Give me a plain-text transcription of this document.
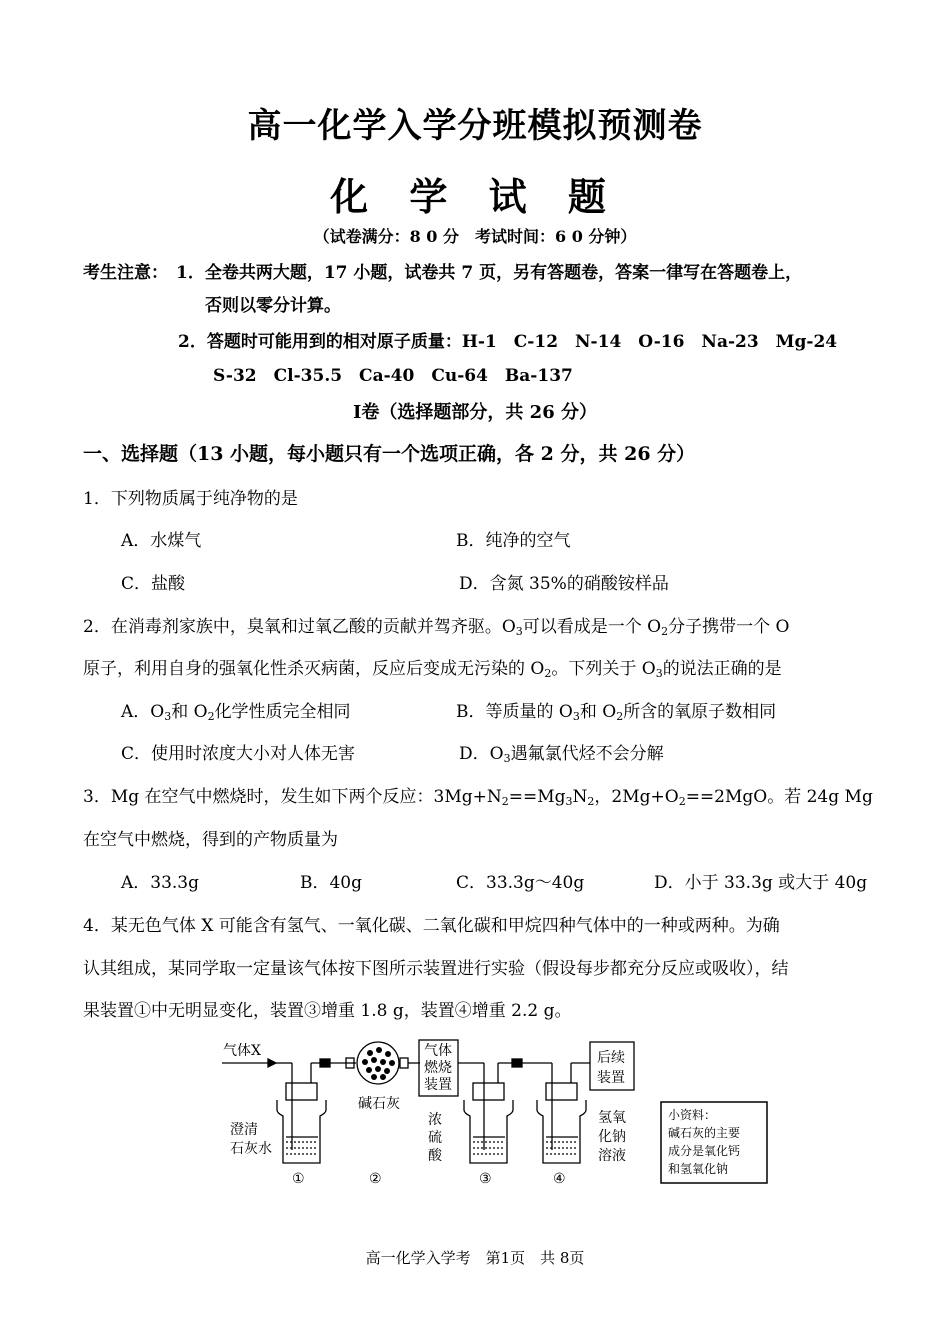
高一化学入学分班模拟预测卷
化 学 试 题
（试卷满分：8 0 分　考试时间：6 0 分钟）
考生注意： 1．全卷共两大题，17 小题，试卷共 7 页，另有答题卷，答案一律写在答题卷上，
否则以零分计算。
2．答题时可能用到的相对原子质量：H-1　C-12　N-14　O-16　Na-23　Mg-24
S-32　Cl-35.5　Ca-40　Cu-64　Ba-137
I卷（选择题部分，共 26 分）
一、选择题（13 小题，每小题只有一个选项正确，各 2 分，共 26 分）
1．下列物质属于纯净物的是
A．水煤气	B．纯净的空气
C．盐酸	D．含氮 35%的硝酸铵样品
2．在消毒剂家族中，臭氧和过氧乙酸的贡献并驾齐驱。$O_3$可以看成是一个 $O_2$分子携带一个 O
原子，利用自身的强氧化性杀灭病菌，反应后变成无污染的 $O_2$。下列关于 $O_3$的说法正确的是
A．$O_3$和 $O_2$化学性质完全相同	B．等质量的 $O_3$和 $O_2$所含的氧原子数相同
C．使用时浓度大小对人体无害	D．$O_3$遇氟氯代烃不会分解
3．Mg 在空气中燃烧时，发生如下两个反应：$3Mg+N_2==Mg_3N_2$，$2Mg+O_2==2MgO$。若 24g Mg
在空气中燃烧，得到的产物质量为
A．33.3g	B．40g	C．33.3g～40g	D．小于 33.3g 或大于 40g
4．某无色气体 X 可能含有氢气、一氧化碳、二氧化碳和甲烷四种气体中的一种或两种。为确
认其组成，某同学取一定量该气体按下图所示装置进行实验（假设每步都充分反应或吸收），结
果装置①中无明显变化，装置③增重 1.8 g，装置④增重 2.2 g。
气体X
碱石灰
气体
燃烧
装置
后续
装置
澄清
石灰水
浓
硫
酸
氢氧
化钠
溶液
①	②	③	④
小资料：
碱石灰的主要
成分是氧化钙
和氢氧化钠
高一化学入学考　第1页　共 8页
